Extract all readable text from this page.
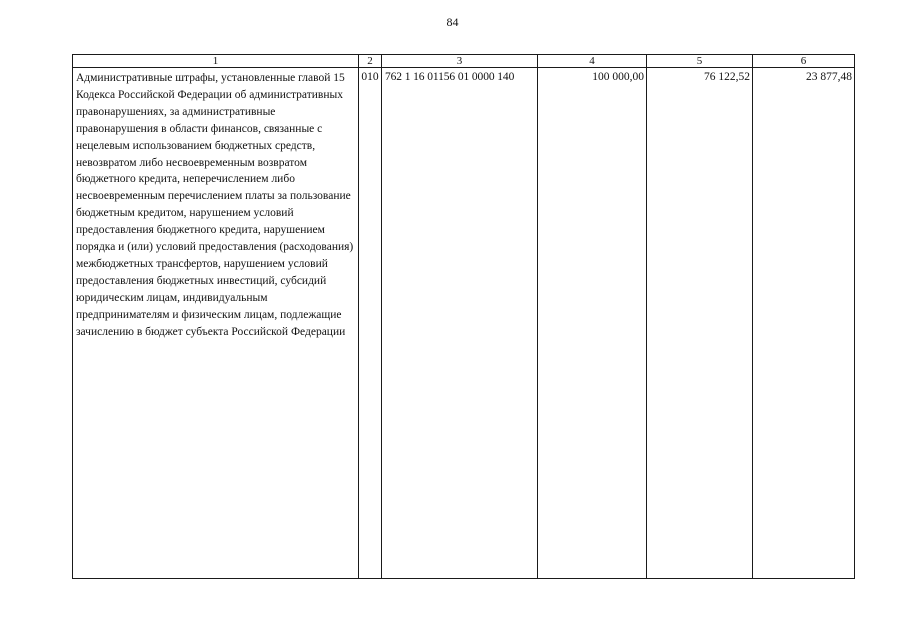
84
1	2	3	4	5	6

Административные штрафы, установленные главой 15 Кодекса Российской Федерации об административных правонарушениях, за административные правонарушения в области финансов, связанные с нецелевым использованием бюджетных средств, невозвратом либо несвоевременным возвратом бюджетного кредита, неперечислением либо несвоевременным перечислением платы за пользование бюджетным кредитом, нарушением условий предоставления бюджетного кредита, нарушением порядка и (или) условий предоставления (расходования) межбюджетных трансфертов, нарушением условий предоставления бюджетных инвестиций, субсидий юридическим лицам, индивидуальным предпринимателям и физическим лицам, подлежащие зачислению в бюджет субъекта Российской Федерации	010	762 1 16 01156 01 0000 140	100 000,00	76 122,52	23 877,48
